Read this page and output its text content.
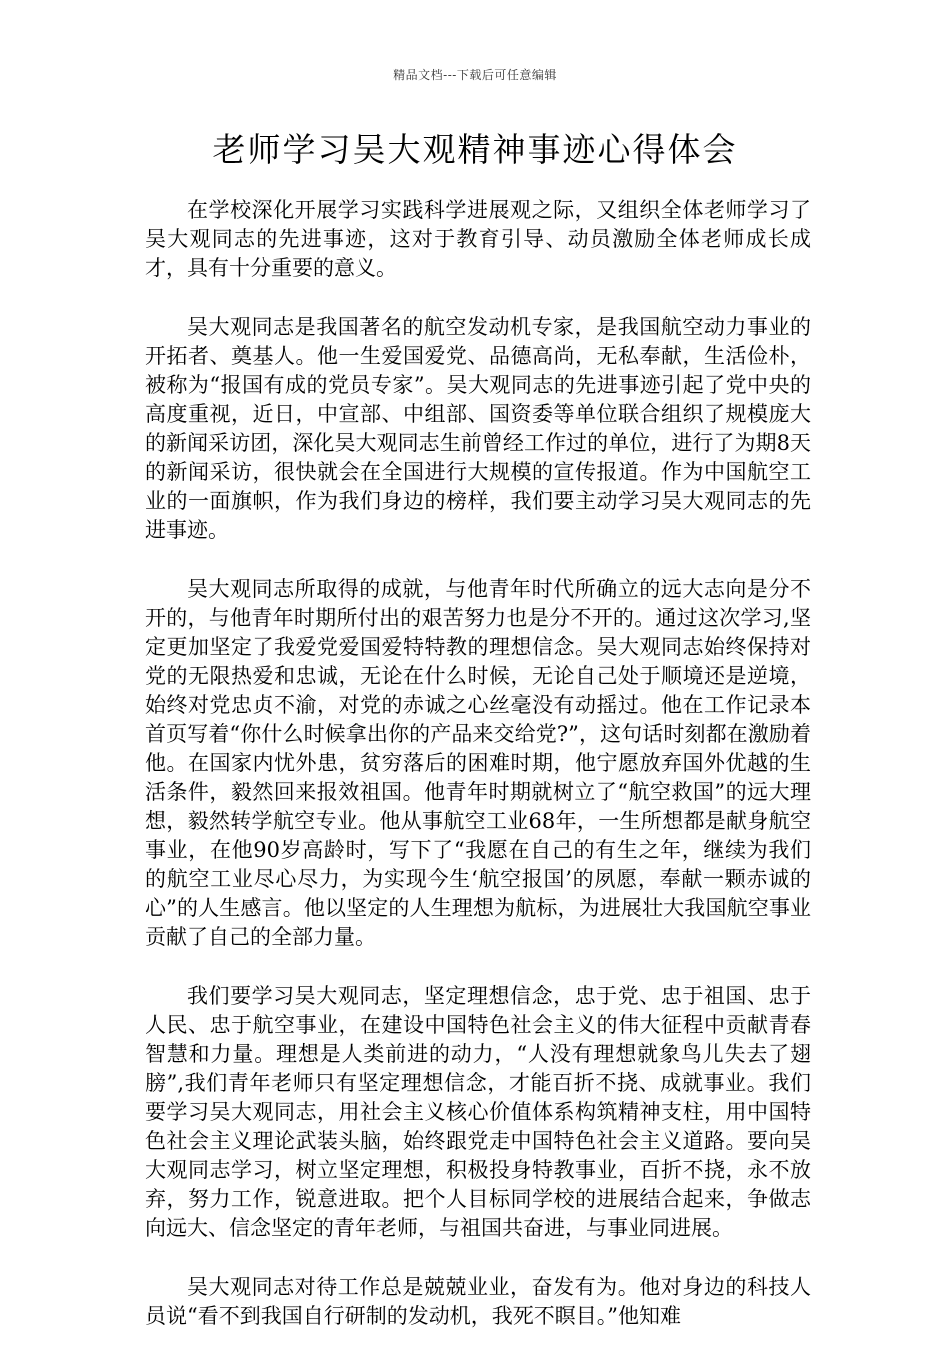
精品文档---下载后可任意编辑
老师学习吴大观精神事迹心得体会

在学校深化开展学习实践科学进展观之际，又组织全体老师学习了吴大观同志的先进事迹，这对于教育引导、动员激励全体老师成长成才，具有十分重要的意义。

吴大观同志是我国著名的航空发动机专家，是我国航空动力事业的开拓者、奠基人。他一生爱国爱党、品德高尚，无私奉献，生活俭朴，被称为“报国有成的党员专家”。吴大观同志的先进事迹引起了党中央的高度重视，近日，中宣部、中组部、国资委等单位联合组织了规模庞大的新闻采访团，深化吴大观同志生前曾经工作过的单位，进行了为期8天的新闻采访，很快就会在全国进行大规模的宣传报道。作为中国航空工业的一面旗帜，作为我们身边的榜样，我们要主动学习吴大观同志的先进事迹。

吴大观同志所取得的成就，与他青年时代所确立的远大志向是分不开的，与他青年时期所付出的艰苦努力也是分不开的。通过这次学习,坚定更加坚定了我爱党爱国爱特特教的理想信念。吴大观同志始终保持对党的无限热爱和忠诚，无论在什么时候，无论自己处于顺境还是逆境，始终对党忠贞不渝，对党的赤诚之心丝毫没有动摇过。他在工作记录本首页写着“你什么时候拿出你的产品来交给党?”，这句话时刻都在激励着他。在国家内忧外患，贫穷落后的困难时期，他宁愿放弃国外优越的生活条件，毅然回来报效祖国。他青年时期就树立了“航空救国”的远大理想，毅然转学航空专业。他从事航空工业68年，一生所想都是献身航空事业，在他90岁高龄时，写下了“我愿在自己的有生之年，继续为我们的航空工业尽心尽力，为实现今生‘航空报国’的夙愿，奉献一颗赤诚的心”的人生感言。他以坚定的人生理想为航标，为进展壮大我国航空事业贡献了自己的全部力量。

我们要学习吴大观同志，坚定理想信念，忠于党、忠于祖国、忠于人民、忠于航空事业，在建设中国特色社会主义的伟大征程中贡献青春智慧和力量。理想是人类前进的动力，“人没有理想就象鸟儿失去了翅膀”,我们青年老师只有坚定理想信念，才能百折不挠、成就事业。我们要学习吴大观同志，用社会主义核心价值体系构筑精神支柱，用中国特色社会主义理论武装头脑，始终跟党走中国特色社会主义道路。要向吴大观同志学习，树立坚定理想，积极投身特教事业，百折不挠，永不放弃，努力工作，锐意进取。把个人目标同学校的进展结合起来，争做志向远大、信念坚定的青年老师，与祖国共奋进，与事业同进展。

吴大观同志对待工作总是兢兢业业，奋发有为。他对身边的科技人员说“看不到我国自行研制的发动机，我死不瞑目。”他知难
